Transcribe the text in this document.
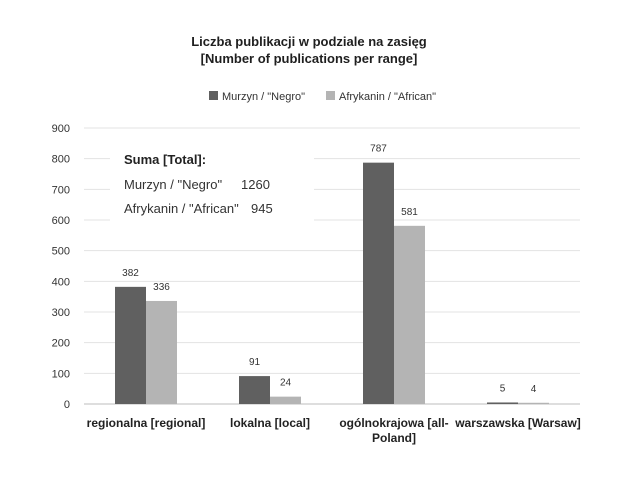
382
336
91
24
787
581
5	4
0
100
200
300
400
500
600
700
800
900
regionalna [regional] lokalna [local] ogólnokrajowa [all-
Poland]
warszawska [Warsaw]
Liczba publikacji w podziale na zasięg
[Number of publications per range]
Murzyn / "Negro"	Afrykanin / "African"
Suma [Total]:
Murzyn / "Negro" 1260
Afrykanin / "African" 945
